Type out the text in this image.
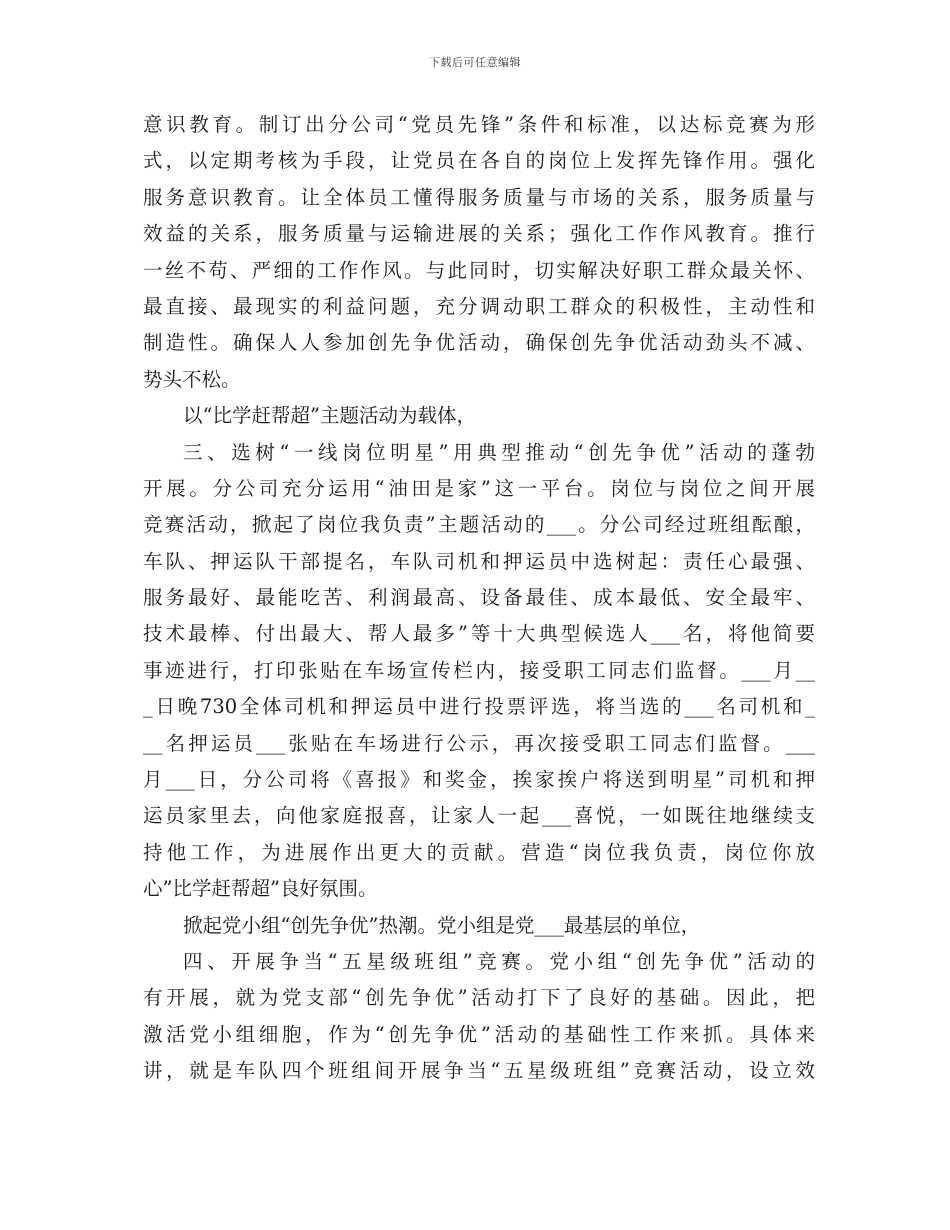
下载后可任意编辑
意识教育。制订出分公司“党员先锋”条件和标准，以达标竞赛为形
式，以定期考核为手段，让党员在各自的岗位上发挥先锋作用。强化
服务意识教育。让全体员工懂得服务质量与市场的关系，服务质量与
效益的关系，服务质量与运输进展的关系；强化工作作风教育。推行
一丝不苟、严细的工作作风。与此同时，切实解决好职工群众最关怀、
最直接、最现实的利益问题，充分调动职工群众的积极性，主动性和
制造性。确保人人参加创先争优活动，确保创先争优活动劲头不减、
势头不松。
以“比学赶帮超”主题活动为载体，
三、选树“一线岗位明星”用典型推动“创先争优”活动的蓬勃
开展。分公司充分运用“油田是家”这一平台。岗位与岗位之间开展
竞赛活动，掀起了岗位我负责”主题活动的___。分公司经过班组酝酿，
车队、押运队干部提名，车队司机和押运员中选树起：责任心最强、
服务最好、最能吃苦、利润最高、设备最佳、成本最低、安全最牢、
技术最棒、付出最大、帮人最多”等十大典型候选人___名，将他简要
事迹进行，打印张贴在车场宣传栏内，接受职工同志们监督。___月__
_日晚730全体司机和押运员中进行投票评选，将当选的___名司机和_
__名押运员___张贴在车场进行公示，再次接受职工同志们监督。___
月___日，分公司将《喜报》和奖金，挨家挨户将送到明星”司机和押
运员家里去，向他家庭报喜，让家人一起___喜悦，一如既往地继续支
持他工作，为进展作出更大的贡献。营造“岗位我负责，岗位你放
心”比学赶帮超”良好氛围。
掀起党小组“创先争优”热潮。党小组是党___最基层的单位，
四、开展争当“五星级班组”竞赛。党小组“创先争优”活动的
有开展，就为党支部“创先争优”活动打下了良好的基础。因此，把
激活党小组细胞，作为“创先争优”活动的基础性工作来抓。具体来
讲，就是车队四个班组间开展争当“五星级班组”竞赛活动，设立效
